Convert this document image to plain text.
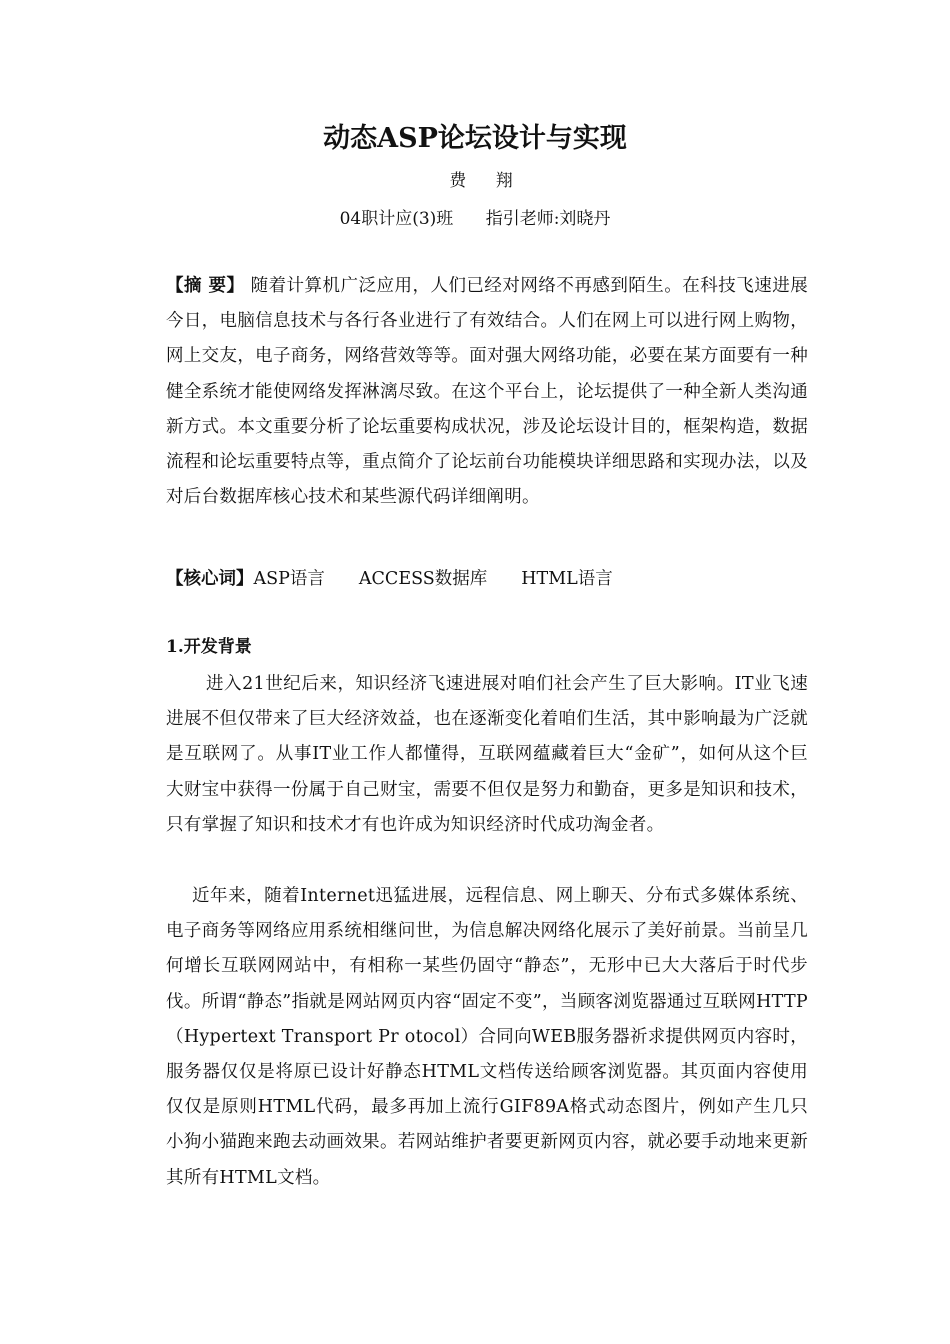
动态ASP论坛设计与实现
费 翔
04职计应(3)班      指引老师:刘晓丹
【摘 要】 随着计算机广泛应用，人们已经对网络不再感到陌生。在科技飞速进展今日，电脑信息技术与各行各业进行了有效结合。人们在网上可以进行网上购物，网上交友，电子商务，网络营效等等。面对强大网络功能，必要在某方面要有一种健全系统才能使网络发挥淋漓尽致。在这个平台上，论坛提供了一种全新人类沟通新方式。本文重要分析了论坛重要构成状况，涉及论坛设计目的，框架构造，数据流程和论坛重要特点等，重点简介了论坛前台功能模块详细思路和实现办法，以及对后台数据库核心技术和某些源代码详细阐明。
【核心词】ASP语言 ACCESS数据库 HTML语言
1.开发背景

进入21世纪后来，知识经济飞速进展对咱们社会产生了巨大影响。IT业飞速进展不但仅带来了巨大经济效益，也在逐渐变化着咱们生活，其中影响最为广泛就是互联网了。从事IT业工作人都懂得，互联网蕴藏着巨大“金矿”，如何从这个巨大财宝中获得一份属于自己财宝，需要不但仅是努力和勤奋，更多是知识和技术，只有掌握了知识和技术才有也许成为知识经济时代成功淘金者。

近年来，随着Internet迅猛进展，远程信息、网上聊天、分布式多媒体系统、电子商务等网络应用系统相继问世，为信息解决网络化展示了美好前景。当前呈几何增长互联网网站中，有相称一某些仍固守“静态”，无形中已大大落后于时代步伐。所谓“静态”指就是网站网页内容“固定不变”，当顾客浏览器通过互联网HTTP（Hypertext Transport Pr otocol）合同向WEB服务器祈求提供网页内容时，服务器仅仅是将原已设计好静态HTML文档传送给顾客浏览器。其页面内容使用仅仅是原则HTML代码，最多再加上流行GIF89A格式动态图片，例如产生几只小狗小猫跑来跑去动画效果。若网站维护者要更新网页内容，就必要手动地来更新其所有HTML文档。
